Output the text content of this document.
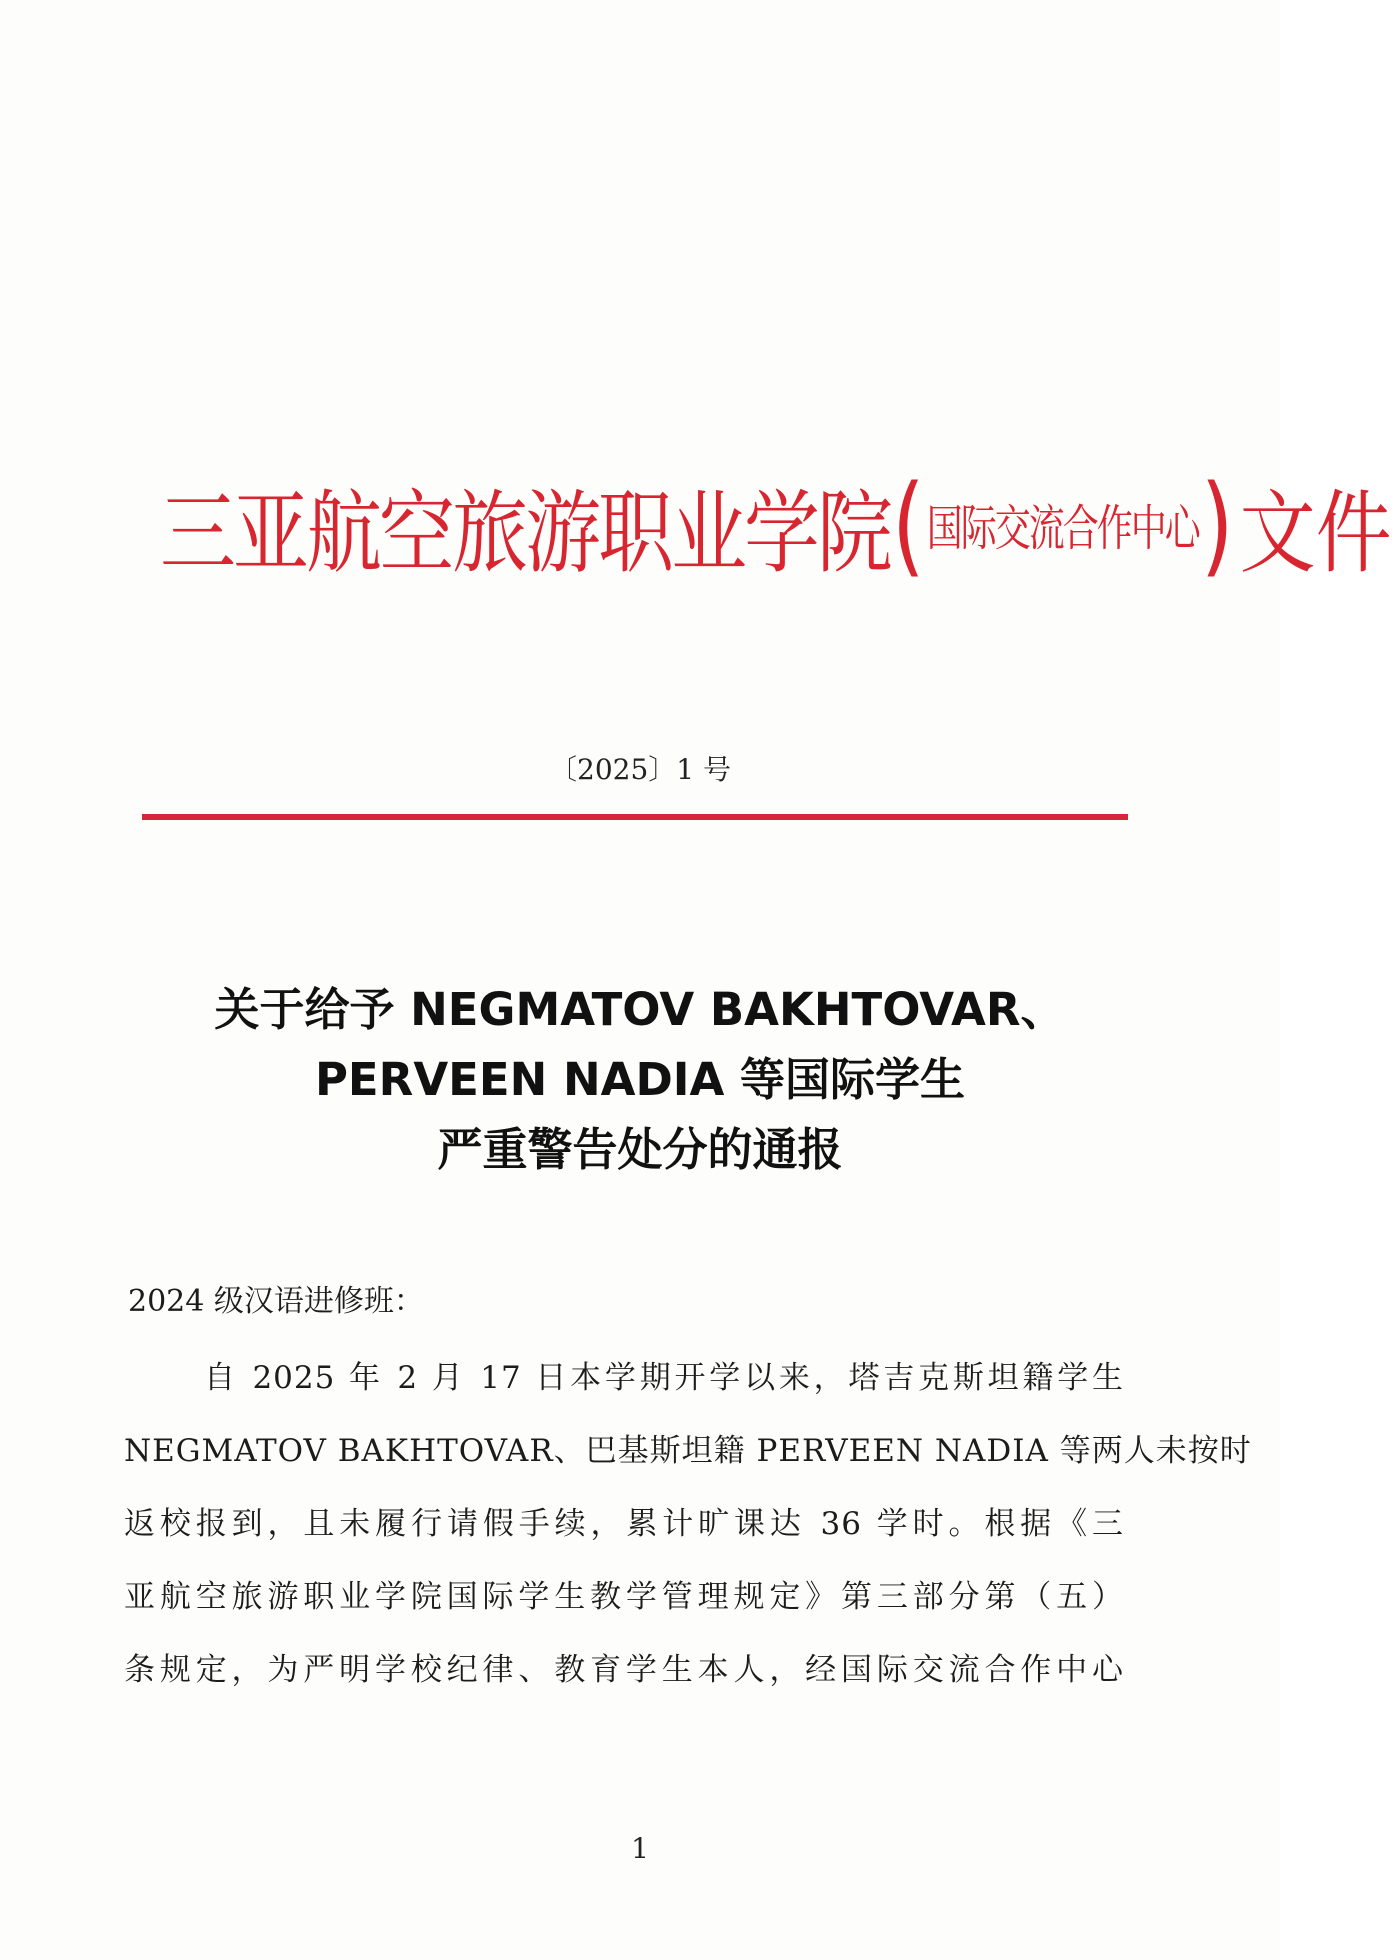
三亚航空旅游职业学院 ( 国际交流合作中心 ) 文件
〔2025〕1 号
关于给予 NEGMATOV BAKHTOVAR、
PERVEEN NADIA 等国际学生
严重警告处分的通报
2024 级汉语进修班：
自 2025 年 2 月 17 日本学期开学以来，塔吉克斯坦籍学生
NEGMATOV BAKHTOVAR、巴基斯坦籍 PERVEEN NADIA 等两人未按时
返校报到，且未履行请假手续，累计旷课达 36 学时。根据《三
亚航空旅游职业学院国际学生教学管理规定》第三部分第（五）
条规定，为严明学校纪律、教育学生本人，经国际交流合作中心
1
